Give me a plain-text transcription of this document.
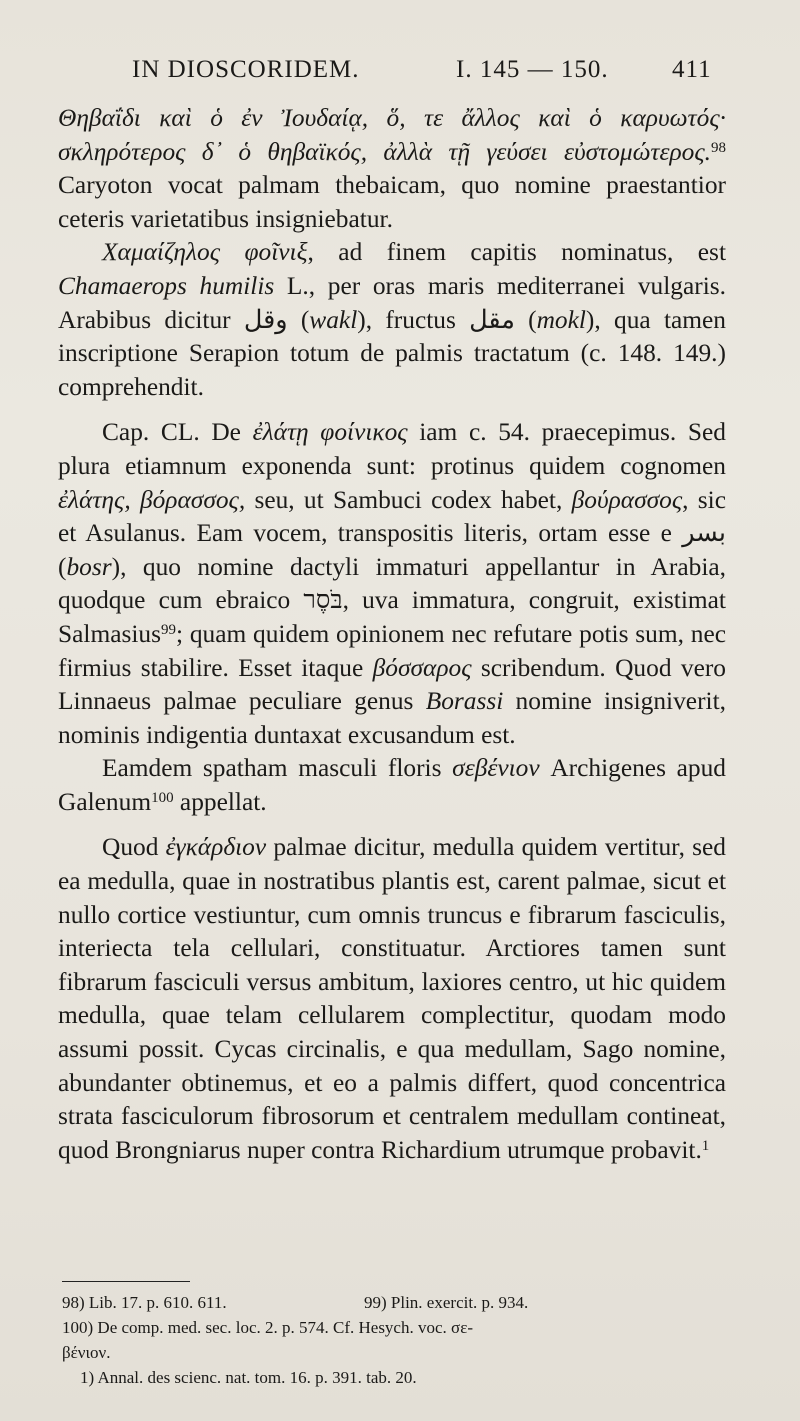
IN DIOSCORIDEM.	I. 145 — 150.	411

Θηβαΐδι καὶ ὁ ἐν Ἰουδαίᾳ, ὅ, τε ἄλλος καὶ ὁ καρυωτός· σκληρότερος δ᾽ ὁ θηβαϊκός, ἀλλὰ τῇ γεύσει εὐστομώτερος.$^{98}$ Caryoton vocat palmam thebaicam, quo nomine praestantior ceteris varietatibus insigniebatur.

Χαμαίζηλος φοῖνιξ, ad finem capitis nominatus, est Chamaerops humilis L., per oras maris mediterranei vulgaris. Arabibus dicitur وقل (wakl), fructus مقل (mokl), qua tamen inscriptione Serapion totum de palmis tractatum (c. 148. 149.) comprehendit.

Cap. CL. De ἐλάτῃ φοίνικος iam c. 54. praecepimus. Sed plura etiamnum exponenda sunt: protinus quidem cognomen ἐλάτης, βόρασσος, seu, ut Sambuci codex habet, βούρασσος, sic et Asulanus. Eam vocem, transpositis literis, ortam esse e بسر (bosr), quo nomine dactyli immaturi appellantur in Arabia, quodque cum ebraico בֹּסֶר, uva immatura, congruit, existimat Salmasius$^{99}$; quam quidem opinionem nec refutare potis sum, nec firmius stabilire. Esset itaque βόσσαρος scribendum. Quod vero Linnaeus palmae peculiare genus Borassi nomine insigniverit, nominis indigentia duntaxat excusandum est.

Eamdem spatham masculi floris σεβένιον Archigenes apud Galenum$^{100}$ appellat.

Quod ἐγκάρδιον palmae dicitur, medulla quidem vertitur, sed ea medulla, quae in nostratibus plantis est, carent palmae, sicut et nullo cortice vestiuntur, cum omnis truncus e fibrarum fasciculis, interiecta tela cellulari, constituatur. Arctiores tamen sunt fibrarum fasciculi versus ambitum, laxiores centro, ut hic quidem medulla, quae telam cellularem complectitur, quodam modo assumi possit. Cycas circinalis, e qua medullam, Sago nomine, abundanter obtinemus, et eo a palmis differt, quod concentrica strata fasciculorum fibrosorum et centralem medullam contineat, quod Brongniarus nuper contra Richardium utrumque probavit.$^1$

98) Lib. 17. p. 610. 611.	99) Plin. exercit. p. 934.

100) De comp. med. sec. loc. 2. p. 574. Cf. Hesych. voc. σε-

βένιον.

1) Annal. des scienc. nat. tom. 16. p. 391. tab. 20.
